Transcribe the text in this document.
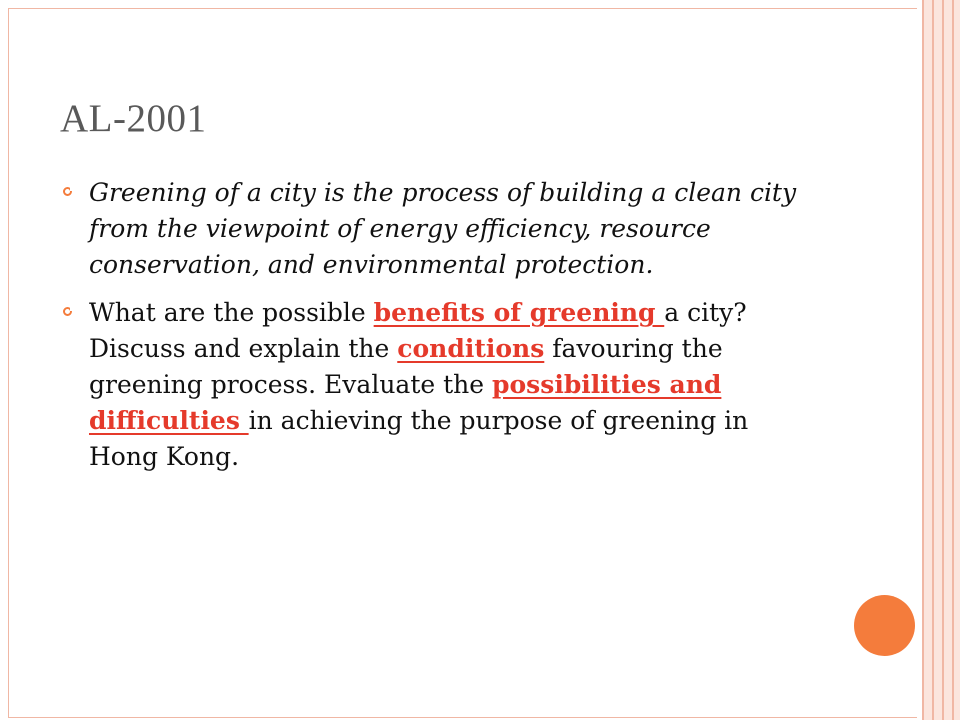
AL-2001
Greening of a city is the process of building a clean city from the viewpoint of energy efficiency, resource conservation, and environmental protection.
What are the possible benefits of greening a city? Discuss and explain the conditions favouring the greening process. Evaluate the possibilities and difficulties in achieving the purpose of greening in Hong Kong.
